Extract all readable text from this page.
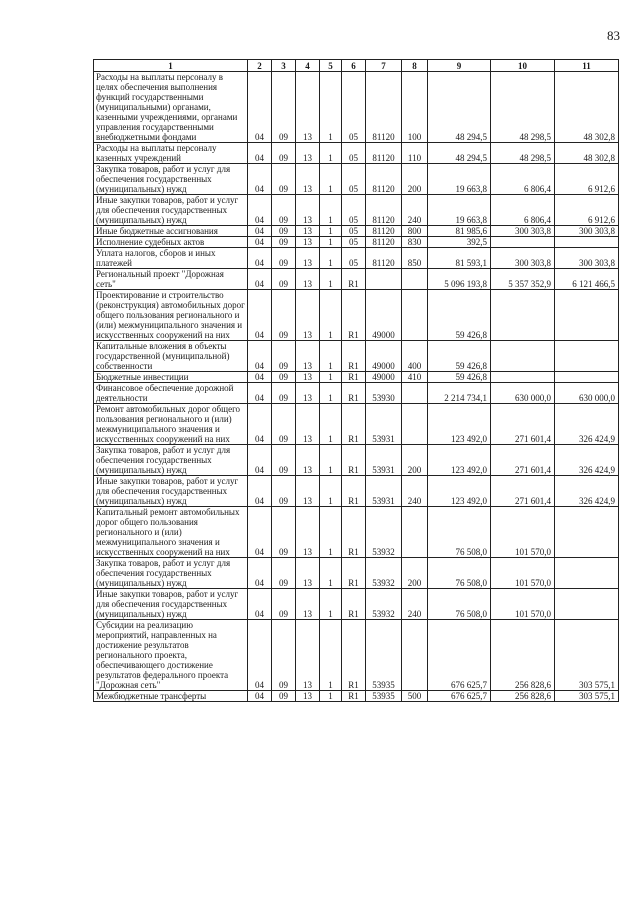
83
1	2	3	4	5	6	7	8	9	10	11
Расходы на выплаты персоналу в целях обеспечения выполнения функций государственными (муниципальными) органами, казенными учреждениями, органами управления государственными внебюджетными фондами	04	09	13	1	05	81120	100	48 294,5	48 298,5	48 302,8
Расходы на выплаты персоналу казенных учреждений	04	09	13	1	05	81120	110	48 294,5	48 298,5	48 302,8
Закупка товаров, работ и услуг для обеспечения государственных (муниципальных) нужд	04	09	13	1	05	81120	200	19 663,8	6 806,4	6 912,6
Иные закупки товаров, работ и услуг для обеспечения государственных (муниципальных) нужд	04	09	13	1	05	81120	240	19 663,8	6 806,4	6 912,6
Иные бюджетные ассигнования	04	09	13	1	05	81120	800	81 985,6	300 303,8	300 303,8
Исполнение судебных актов	04	09	13	1	05	81120	830	392,5		
Уплата налогов, сборов и иных платежей	04	09	13	1	05	81120	850	81 593,1	300 303,8	300 303,8
Региональный проект "Дорожная сеть"	04	09	13	1	R1			5 096 193,8	5 357 352,9	6 121 466,5
Проектирование и строительство (реконструкция) автомобильных дорог общего пользования регионального и (или) межмуниципального значения и искусственных сооружений на них	04	09	13	1	R1	49000		59 426,8		
Капитальные вложения в объекты государственной (муниципальной) собственности	04	09	13	1	R1	49000	400	59 426,8		
Бюджетные инвестиции	04	09	13	1	R1	49000	410	59 426,8		
Финансовое обеспечение дорожной деятельности	04	09	13	1	R1	53930		2 214 734,1	630 000,0	630 000,0
Ремонт автомобильных дорог общего пользования регионального и (или) межмуниципального значения и искусственных сооружений на них	04	09	13	1	R1	53931		123 492,0	271 601,4	326 424,9
Закупка товаров, работ и услуг для обеспечения государственных (муниципальных) нужд	04	09	13	1	R1	53931	200	123 492,0	271 601,4	326 424,9
Иные закупки товаров, работ и услуг для обеспечения государственных (муниципальных) нужд	04	09	13	1	R1	53931	240	123 492,0	271 601,4	326 424,9
Капитальный ремонт автомобильных дорог общего пользования регионального и (или) межмуниципального значения и искусственных сооружений на них	04	09	13	1	R1	53932		76 508,0	101 570,0	
Закупка товаров, работ и услуг для обеспечения государственных (муниципальных) нужд	04	09	13	1	R1	53932	200	76 508,0	101 570,0	
Иные закупки товаров, работ и услуг для обеспечения государственных (муниципальных) нужд	04	09	13	1	R1	53932	240	76 508,0	101 570,0	
Субсидии на реализацию мероприятий, направленных на достижение результатов регионального проекта, обеспечивающего достижение результатов федерального проекта "Дорожная сеть"	04	09	13	1	R1	53935		676 625,7	256 828,6	303 575,1
Межбюджетные трансферты	04	09	13	1	R1	53935	500	676 625,7	256 828,6	303 575,1
